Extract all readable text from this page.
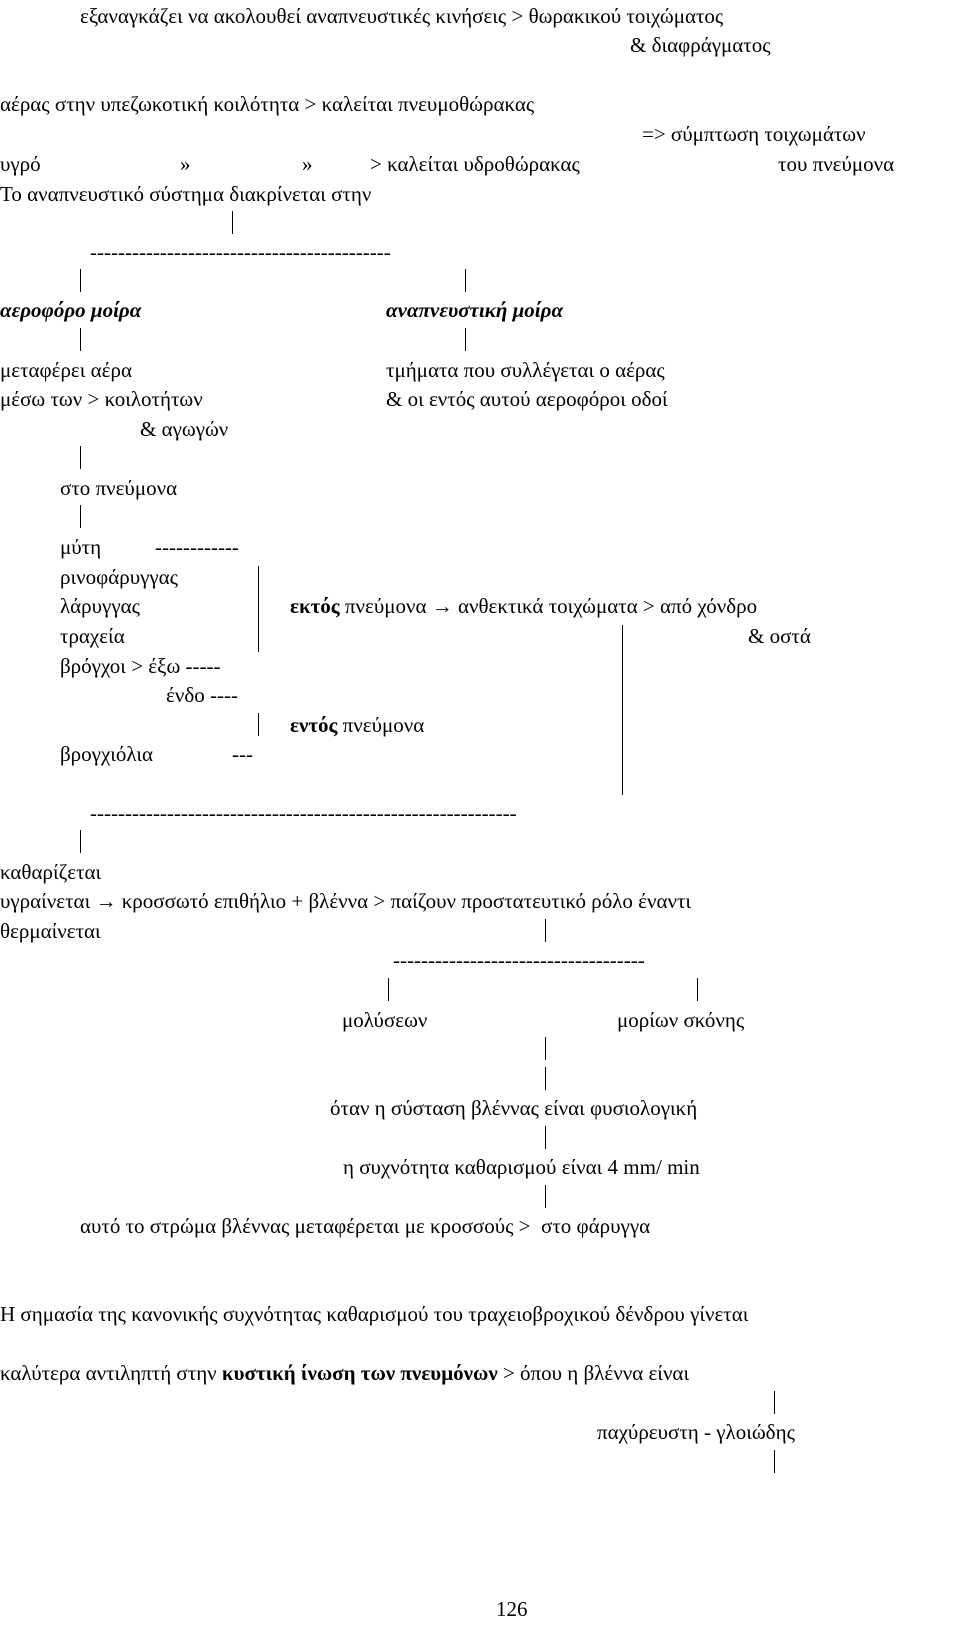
εξαναγκάζει να ακολουθεί αναπνευστικές κινήσεις > θωρακικού τοιχώματος
& διαφράγματος
αέρας στην υπεζωκοτική κοιλότητα > καλείται πνευμοθώρακας
=> σύμπτωση τοιχωμάτων
υγρό	»	»	> καλείται υδροθώρακας	του πνεύμονα
Το αναπνευστικό σύστημα διακρίνεται στην
-------------------------------------------
αεροφόρο μοίρα	αναπνευστική μοίρα
μεταφέρει αέρα
μέσω των > κοιλοτήτων
& αγωγών
τμήματα που συλλέγεται ο αέρας
& οι εντός αυτού αεροφόροι οδοί
στο πνεύμονα
μύτη	------------
ρινοφάρυγγας
λάρυγγας
τραχεία
βρόγχοι > έξω -----
ένδο ----
βρογχιόλια	---
εκτός πνεύμονα → ανθεκτικά τοιχώματα > από χόνδρο
& οστά
εντός πνεύμονα
-------------------------------------------------------------
καθαρίζεται
υγραίνεται → κροσσωτό επιθήλιο + βλέννα > παίζουν προστατευτικό ρόλο έναντι
θερμαίνεται
------------------------------------
μολύσεων	μορίων σκόνης
όταν η σύσταση βλέννας είναι φυσιολογική
η συχνότητα καθαρισμού είναι 4 mm/ min
αυτό το στρώμα βλέννας μεταφέρεται με κροσσούς >  στο φάρυγγα
Η σημασία της κανονικής συχνότητας καθαρισμού του τραχειοβροχικού δένδρου γίνεται
καλύτερα αντιληπτή στην κυστική ίνωση των πνευμόνων > όπου η βλέννα είναι
παχύρευστη - γλοιώδης
126
